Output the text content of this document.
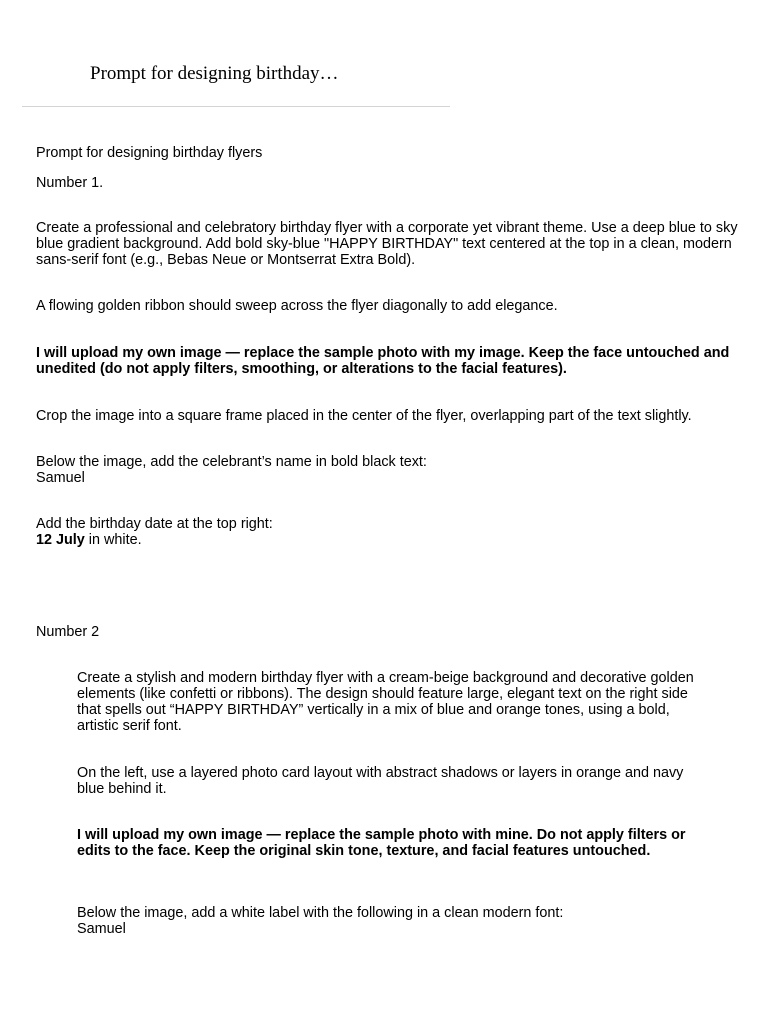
Prompt for designing birthday…

Prompt for designing birthday flyers

Number 1.

Create a professional and celebratory birthday flyer with a corporate yet vibrant theme. Use a deep blue to sky blue gradient background. Add bold sky-blue "HAPPY BIRTHDAY" text centered at the top in a clean, modern sans-serif font (e.g., Bebas Neue or Montserrat Extra Bold).

A flowing golden ribbon should sweep across the flyer diagonally to add elegance.

I will upload my own image — replace the sample photo with my image. Keep the face untouched and unedited (do not apply filters, smoothing, or alterations to the facial features).

Crop the image into a square frame placed in the center of the flyer, overlapping part of the text slightly.

Below the image, add the celebrant’s name in bold black text:
Samuel
Add the birthday date at the top right:
12 July in white.

Number 2

Create a stylish and modern birthday flyer with a cream-beige background and decorative golden elements (like confetti or ribbons). The design should feature large, elegant text on the right side that spells out “HAPPY BIRTHDAY” vertically in a mix of blue and orange tones, using a bold, artistic serif font.

On the left, use a layered photo card layout with abstract shadows or layers in orange and navy blue behind it.

I will upload my own image — replace the sample photo with mine. Do not apply filters or edits to the face. Keep the original skin tone, texture, and facial features untouched.

Below the image, add a white label with the following in a clean modern font:
Samuel
